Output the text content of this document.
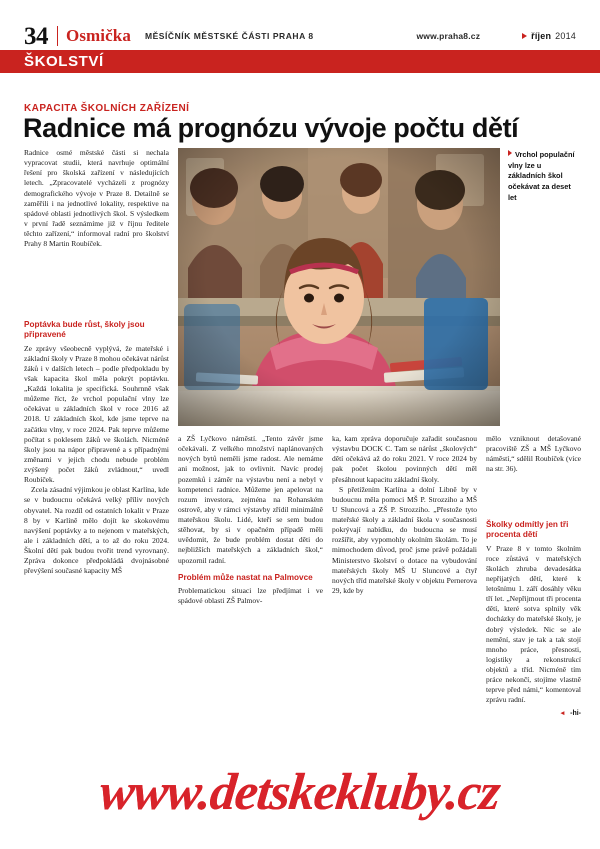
34 Osmička MĚSÍČNÍK MĚSTSKÉ ČÁSTI PRAHA 8	www.praha8.cz	říjen 2014
ŠKOLSTVÍ
KAPACITA ŠKOLNÍCH ZAŘÍZENÍ
Radnice má prognózu vývoje počtu dětí
Foto: Vladimír Slabý
Vrchol populační vlny lze u základních škol očekávat za deset let

Radnice osmé městské části si nechala vypracovat studii, která navrhuje optimální řešení pro školská zařízení v následujících letech. „Zpracovatelé vycházeli z prognózy demografického vývoje v Praze 8. Detailně se zaměřili i na jednotlivé lokality, respektive na spádové oblasti jednotlivých škol. S výsledkem v první řadě seznámíme již v říjnu ředitele těchto zařízení,“ informoval radní pro školství Prahy 8 Martin Roubíček.

Poptávka bude růst, školy jsou připravené

Ze zprávy všeobecně vyplývá, že mateřské i základní školy v Praze 8 mohou očekávat nárůst žáků i v dalších letech – podle předpokladu by však kapacita škol měla pokrýt poptávku. „Každá lokalita je specifická. Souhrnně však můžeme říct, že vrchol populační vlny lze očekávat u základních škol v roce 2016 až 2018. U základních škol, kde jsme teprve na začátku vlny, v roce 2024. Pak teprve můžeme počítat s poklesem žáků ve školách. Nicméně školy jsou na nápor připravené a s případnými změnami v jejich chodu nebude problém zvýšený počet žáků zvládnout,“ uvedl Roubíček.

Zcela zásadní výjimkou je oblast Karlína, kde se v budoucnu očekává velký příliv nových obyvatel. Na rozdíl od ostatních lokalit v Praze 8 by v Karlíně mělo dojít ke skokovému navýšení poptávky a to nejenom v mateřských, ale i základních dětí, a to až do roku 2024. Školní dětí pak budou tvořit trend vyrovnaný. Zpráva dokonce předpokládá dvojnásobné převýšení současné kapacity MŠ

a ZŠ Lyčkovo náměstí. „Tento závěr jsme očekávali. Z velkého množství naplánovaných nových bytů neměli jsme radost. Ale nemáme ani možnost, jak to ovlivnit. Navíc prodej pozemků i záměr na výstavbu není a nebyl v kompetenci radnice. Můžeme jen apelovat na rozum investora, zejména na Rohanském ostrově, aby v rámci výstavby zřídil minimálně mateřskou školu. Lidé, kteří se sem budou stěhovat, by si v opačném případě měli uvědomit, že bude problém dostat děti do nejbližších mateřských a základních škol,“ upozornil radní.

Problém může nastat na Palmovce

Problematickou situaci lze předjímat i ve spádové oblasti ZŠ Palmov-

ka, kam zpráva doporučuje zařadit současnou výstavbu DOCK C. Tam se nárůst „školových“ dětí očekává až do roku 2021. V roce 2024 by pak počet školou povinných dětí měl přesáhnout kapacitu základní školy.

S přetížením Karlína a dolní Libně by v budoucnu měla pomoci MŠ P. Strozziho a MŠ U Sluncová a ZŠ P. Strozziho. „Přestože tyto mateřské školy a základní škola v současnosti pokrývají nabídku, do budoucna se musí rozšířit, aby vypomohly okolním školám. To je mimochodem důvod, proč jsme právě požádali Ministerstvo školství o dotace na vybudování mateřských školy MŠ U Sluncové a čtyř nových tříd mateřské školy v objektu Pernerova 29, kde by

mělo vzniknout detašované pracoviště ZŠ a MŠ Lyčkovo náměstí,“ sdělil Roubíček (více na str. 36).

Školky odmítly jen tři procenta dětí

V Praze 8 v tomto školním roce zůstává v mateřských školách zhruba devadesátka nepřijatých dětí, které k letošnímu 1. září dosáhly věku tří let. „Nepřijmout tři procenta dětí, které sotva splnily věk docházky do mateřské školy, je dobrý výsledek. Nic se ale nemění, stav je tak a tak stojí mnoho práce, přesnosti, logistiky a rekonstrukcí objektů a tříd. Nicméně tím práce nekončí, stojíme vlastně teprve před námi,“ komentoval zprávu radní.

◂ -hi-

www.detskekluby.cz
